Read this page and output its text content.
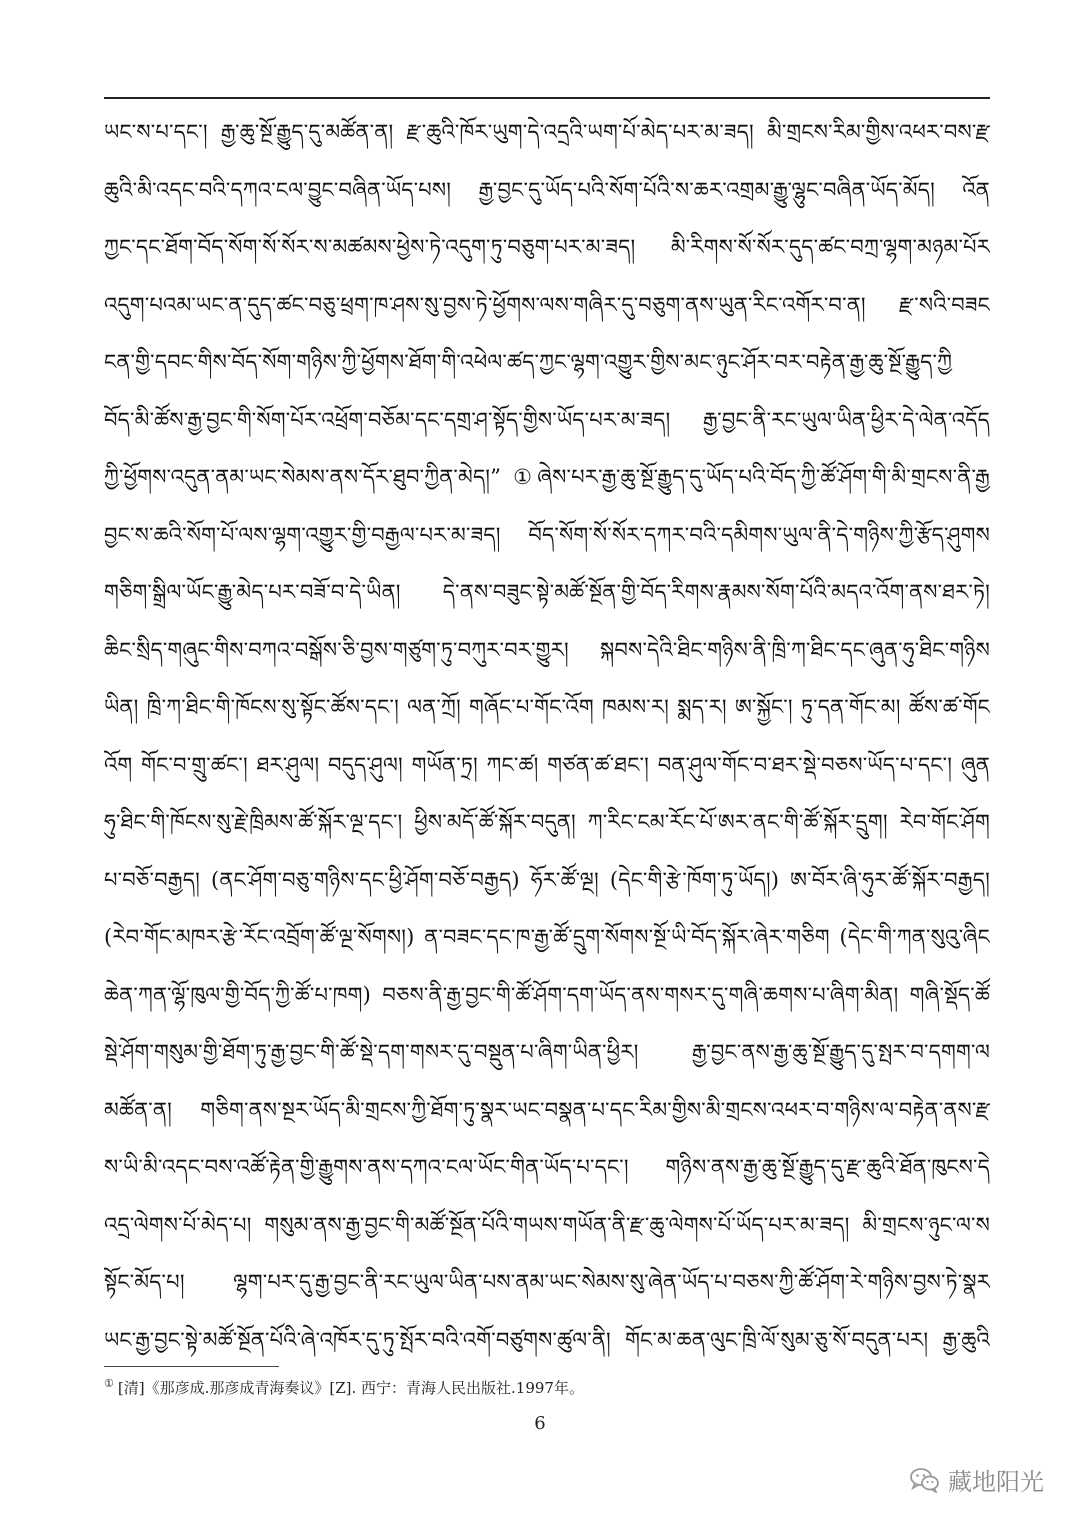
ཡང་ས་པ་དང་། རྒྱ་ཆུ་སྔོ་རྒྱུད་དུ་མཚོན་ན། རྫ་ཆུའི་ཁོར་ཡུག་དེ་འདྲའི་ཡག་པོ་མེད་པར་མ་ཟད། མི་གྲངས་རིམ་གྱིས་འཕར་བས་རྫ
ཆུའི་མི་འདང་བའི་དཀའ་ངལ་བྱུང་བཞིན་ཡོད་པས། རྒྱ་བྱང་དུ་ཡོད་པའི་སོག་པོའི་ས་ཆར་འགྲམ་རྒྱུ་ལྷུང་བཞིན་ཡོད་མོད། འོན
ཀྱང་དང་ཐོག་བོད་སོག་སོ་སོར་ས་མཚམས་ཕྱེས་ཏེ་འདུག་ཏུ་བཅུག་པར་མ་ཟད། མི་རིགས་སོ་སོར་དུད་ཚང་བཀྲ་ལྷག་མཉམ་པོར
འདུག་པའམ་ཡང་ན་དུད་ཚང་བཅུ་ཕྲག་ཁ་ཤས་སུ་བྱས་ཏེ་ཕྱོགས་ལས་གཞིར་དུ་བཅུག་ནས་ཡུན་རིང་འགོར་བ་ན། རྫ་སའི་བཟང
ངན་གྱི་དབང་གིས་བོད་སོག་གཉིས་ཀྱི་ཕྱོགས་ཐོག་གི་འཕེལ་ཚད་ཀྱང་ལྷག་འགྱུར་གྱིས་མང་ཉུང་ཤོར་བར་བརྟེན་རྒྱ་ཆུ་སྔོ་རྒྱུད་ཀྱི
བོད་མི་ཚོས་རྒྱ་བྱང་གི་སོག་པོར་འཕྲོག་བཅོམ་དང་དགྲ་ཤ་སྟོད་གྱིས་ཡོད་པར་མ་ཟད། རྒྱ་བྱང་ནི་རང་ཡུལ་ཡིན་ཕྱིར་དེ་ལེན་འདོད
ཀྱི་ཕྱོགས་འདུན་ནམ་ཡང་སེམས་ནས་དོར་ཐུབ་ཀྱིན་མེད།” ①ཞེས་པར་རྒྱ་ཆུ་སྔོ་རྒྱུད་དུ་ཡོད་པའི་བོད་ཀྱི་ཚོ་ཤོག་གི་མི་གྲངས་ནི་རྒྱ
བྱང་ས་ཆའི་སོག་པོ་ལས་ལྷག་འགྱུར་གྱི་བརྒྱལ་པར་མ་ཟད། བོད་སོག་སོ་སོར་དཀར་བའི་དམིགས་ཡུལ་ནི་དེ་གཉིས་ཀྱི་རྩོད་ཤུགས
གཅིག་སྒྲིལ་ཡོང་རྒྱུ་མེད་པར་བཟོ་བ་དེ་ཡིན། དེ་ནས་བཟུང་སྟེ་མཚོ་སྔོན་གྱི་བོད་རིགས་རྣམས་སོག་པོའི་མདའ་འོག་ནས་ཐར་ཏེ།
ཆིང་སྲིད་གཞུང་གིས་བཀའ་བསྒོས་ཅི་བྱས་གཙུག་ཏུ་བཀུར་བར་གྱུར། སྐབས་དེའི་ཐིང་གཉིས་ནི་ཁྲི་ཀ་ཐིང་དང་ཞུན་ཧུ་ཐིང་གཉིས
ཡིན། ཁྲི་ཀ་ཐིང་གི་ཁོངས་སུ་སྟོང་ཚོས་དང་། ལན་ཀྲོ། གཞོང་པ་གོང་འོག ཁམས་ར། སྨད་ར། ཨ་སྐྱོང་། ཏུ་དན་གོང་མ། ཚོས་ཚ་གོང
འོག གོང་བ་གྲུ་ཚང་། ཐར་ཤུལ། བདུད་ཤུལ། གཡོན་ཏྲ། ཀང་ཚ། གཙན་ཚ་ཐང་། བན་ཤུལ་གོང་བ་ཐར་སྡེ་བཅས་ཡོད་པ་དང་། ཞུན
ཧུ་ཐིང་གི་ཁོངས་སུ་རྗེ་ཁྲིམས་ཚོ་སྐོར་ལྔ་དང་། ཕྱིས་མདོ་ཚོ་སྐོར་བདུན། ཀ་རིང་ངམ་རོང་པོ་ཨར་ནང་གི་ཚོ་སྐོར་དྲུག། རེབ་གོང་ཤོག
པ་བཅོ་བརྒྱད། (ནང་ཤོག་བཅུ་གཉིས་དང་ཕྱི་ཤོག་བཅོ་བརྒྱད) ཧོར་ཚོ་ལྔ། (དེང་གི་རྩེ་ཁོག་ཏུ་ཡོད།) ཨ་བོར་ཞི་ཧུར་ཚོ་སྐོར་བརྒྱད།
(རེབ་གོང་མཁར་རྩེ་རོང་འབྲོག་ཚོ་ལྔ་སོགས།) ན་བཟང་དང་ཁ་རྒྱ་ཚོ་དྲུག་སོགས་སྔོ་ཡི་བོད་སྐོར་ཞེར་གཅིག (དེང་གི་ཀན་སུའུ་ཞིང
ཆེན་ཀན་ལྷོ་ཁུལ་གྱི་བོད་ཀྱི་ཚོ་པ་ཁག) བཅས་ནི་རྒྱ་བྱང་གི་ཚོ་ཤོག་དག་ཡོད་ནས་གསར་དུ་གཞི་ཆགས་པ་ཞིག་མིན། གཞི་སྡོད་ཚོ
སྡེ་ཤོག་གསུམ་གྱི་ཐོག་ཏུ་རྒྱ་བྱང་གི་ཚོ་སྡེ་དག་གསར་དུ་བསྡུན་པ་ཞིག་ཡིན་ཕྱིར། རྒྱ་བྱང་ནས་རྒྱ་ཆུ་སྔོ་རྒྱུད་དུ་སྤར་བ་དགག་ལ
མཚོན་ན། གཅིག་ནས་སྔར་ཡོད་མི་གྲངས་ཀྱི་ཐོག་ཏུ་སྣར་ཡང་བསྣན་པ་དང་རིམ་གྱིས་མི་གྲངས་འཕར་བ་གཉིས་ལ་བརྟེན་ནས་རྫ
ས་ཡི་མི་འདང་བས་འཚོ་རྟེན་གྱི་རྒྱུགས་ནས་དཀའ་ངལ་ཡོང་གིན་ཡོད་པ་དང་། གཉིས་ནས་རྒྱ་ཆུ་སྔོ་རྒྱུད་དུ་རྫ་ཆུའི་ཐོན་ཁུངས་དེ
འདྲ་ལེགས་པོ་མེད་པ། གསུམ་ནས་རྒྱ་བྱང་གི་མཚོ་སྔོན་པོའི་གཡས་གཡོན་ནི་རྫ་ཆུ་ལེགས་པོ་ཡོད་པར་མ་ཟད། མི་གྲངས་ཉུང་ལ་ས
སྟོང་མོད་པ། ལྷག་པར་དུ་རྒྱ་བྱང་ནི་རང་ཡུལ་ཡིན་པས་ནམ་ཡང་སེམས་སུ་ཞེན་ཡོད་པ་བཅས་ཀྱི་ཚོ་ཤོག་རེ་གཉིས་བྱས་ཏེ་སྣར
ཡང་རྒྱ་བྱང་སྟེ་མཚོ་སྔོན་པོའི་ཞེ་འཁོར་དུ་ཏུ་སྤོར་བའི་འགོ་བཙུགས་ཚུལ་ནི། གོང་མ་ཆན་ལུང་ཁྲི་ལོ་སུམ་ཅུ་སོ་བདུན་པར། རྒྱ་ཆུའི
① [清]《那彦成.那彦成青海奏议》[Z]. 西宁：青海人民出版社.1997年。
6
藏地阳光
